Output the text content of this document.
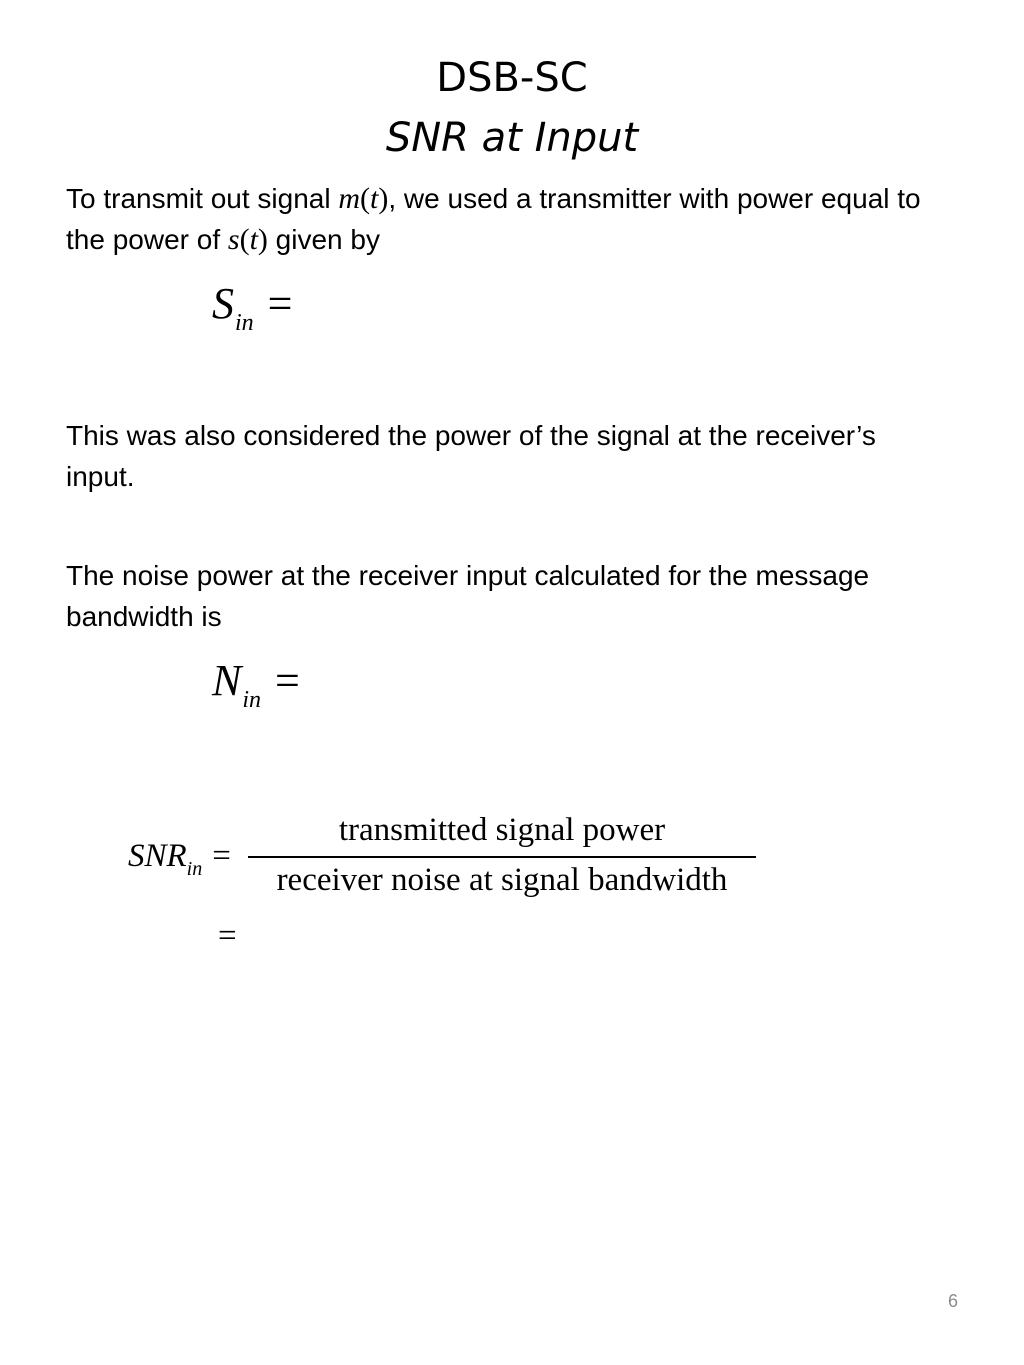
DSB-SC
SNR at Input
To transmit out signal m(t), we used a transmitter with power equal to the power of s(t) given by
$S_{in}$ =
This was also considered the power of the signal at the receiver’s input.
The noise power at the receiver input calculated for the message bandwidth is
$N_{in}$ =
$SNR_{in}$ =
transmitted signal power
receiver noise at signal bandwidth
=
6
